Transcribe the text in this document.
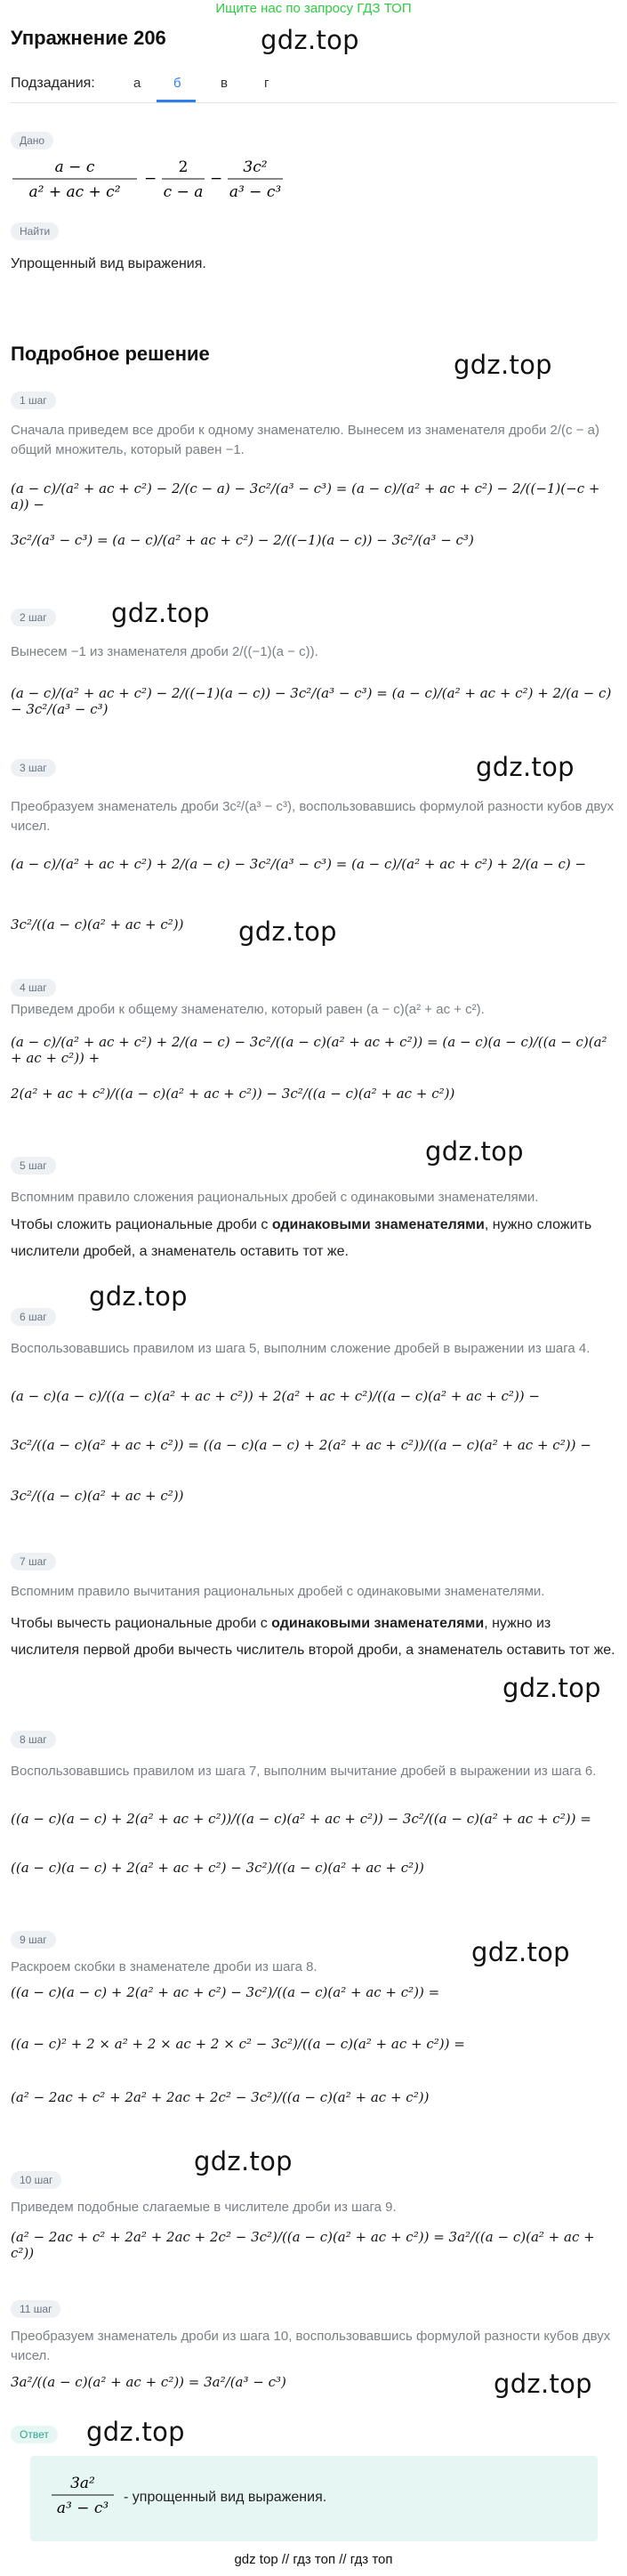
Ищите нас по запросу ГДЗ ТОП
gdz.top
Упражнение 206
Подзадания:	а б	в	г
Дано
a − c
a² + ac + c²
−
2
c − a
−
3c²
a³ − c³
Найти
Упрощенный вид выражения.
Подробное решение	gdz.top
1 шаг
Сначала приведем все дроби к одному знаменателю. Вынесем из знаменателя дроби 2/(c − a) общий множитель, который равен −1.
(a − c)/(a² + ac + c²) − 2/(c − a) − 3c²/(a³ − c³) = (a − c)/(a² + ac + c²) − 2/((−1)(−c + a)) −
3c²/(a³ − c³) = (a − c)/(a² + ac + c²) − 2/((−1)(a − c)) − 3c²/(a³ − c³)
gdz.top
2 шаг
Вынесем −1 из знаменателя дроби 2/((−1)(a − c)).
(a − c)/(a² + ac + c²) − 2/((−1)(a − c)) − 3c²/(a³ − c³) = (a − c)/(a² + ac + c²) + 2/(a − c) − 3c²/(a³ − c³)
gdz.top
3 шаг
Преобразуем знаменатель дроби 3c²/(a³ − c³), воспользовавшись формулой разности кубов двух чисел.
(a − c)/(a² + ac + c²) + 2/(a − c) − 3c²/(a³ − c³) = (a − c)/(a² + ac + c²) + 2/(a − c) −
3c²/((a − c)(a² + ac + c²))	gdz.top
4 шаг
Приведем дроби к общему знаменателю, который равен (a − c)(a² + ac + c²).
(a − c)/(a² + ac + c²) + 2/(a − c) − 3c²/((a − c)(a² + ac + c²)) = (a − c)(a − c)/((a − c)(a² + ac + c²)) +
2(a² + ac + c²)/((a − c)(a² + ac + c²)) − 3c²/((a − c)(a² + ac + c²))
gdz.top
5 шаг
Вспомним правило сложения рациональных дробей с одинаковыми знаменателями.
Чтобы сложить рациональные дроби с одинаковыми знаменателями, нужно сложить числители дробей, а знаменатель оставить тот же.
gdz.top
6 шаг
Воспользовавшись правилом из шага 5, выполним сложение дробей в выражении из шага 4.
(a − c)(a − c)/((a − c)(a² + ac + c²)) + 2(a² + ac + c²)/((a − c)(a² + ac + c²)) −
3c²/((a − c)(a² + ac + c²)) = ((a − c)(a − c) + 2(a² + ac + c²))/((a − c)(a² + ac + c²)) −
3c²/((a − c)(a² + ac + c²))
7 шаг
Вспомним правило вычитания рациональных дробей с одинаковыми знаменателями.
Чтобы вычесть рациональные дроби с одинаковыми знаменателями, нужно из числителя первой дроби вычесть числитель второй дроби, а знаменатель оставить тот же.
gdz.top
8 шаг
Воспользовавшись правилом из шага 7, выполним вычитание дробей в выражении из шага 6.
((a − c)(a − c) + 2(a² + ac + c²))/((a − c)(a² + ac + c²)) − 3c²/((a − c)(a² + ac + c²)) =
((a − c)(a − c) + 2(a² + ac + c²) − 3c²)/((a − c)(a² + ac + c²))
9 шаг	gdz.top
Раскроем скобки в знаменателе дроби из шага 8.
((a − c)(a − c) + 2(a² + ac + c²) − 3c²)/((a − c)(a² + ac + c²)) =
((a − c)² + 2 × a² + 2 × ac + 2 × c² − 3c²)/((a − c)(a² + ac + c²)) =
(a² − 2ac + c² + 2a² + 2ac + 2c² − 3c²)/((a − c)(a² + ac + c²))
gdz.top
10 шаг
Приведем подобные слагаемые в числителе дроби из шага 9.
(a² − 2ac + c² + 2a² + 2ac + 2c² − 3c²)/((a − c)(a² + ac + c²)) = 3a²/((a − c)(a² + ac + c²))
11 шаг
Преобразуем знаменатель дроби из шага 10, воспользовавшись формулой разности кубов двух чисел.
3a²/((a − c)(a² + ac + c²)) = 3a²/(a³ − c³)	gdz.top
Ответ	gdz.top
3a²
a³ − c³
- упрощенный вид выражения.
gdz top // гдз топ // гдз топ
